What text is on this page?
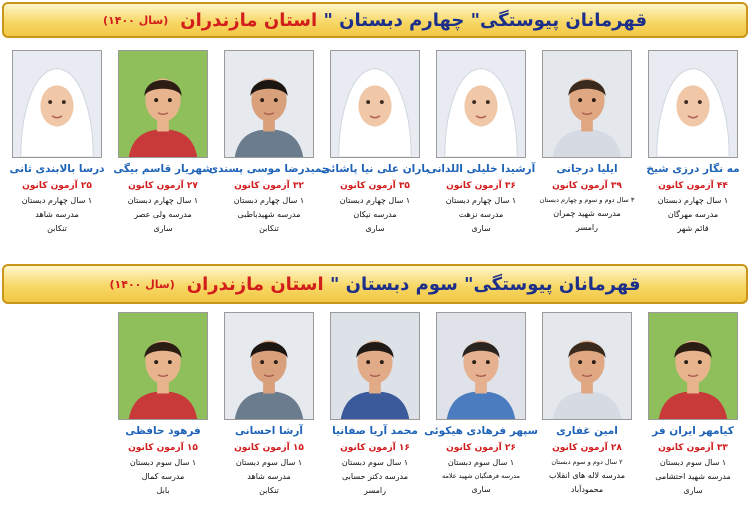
قهرمانان پیوستگی" چهارم دبستان " استان مازندران
(سال ۱۴۰۰)
مه نگار درزی شیخ
۴۴ آزمون کانون
۱ سال چهارم دبستان
مدرسه مهرگان
قائم شهر
ایلیا درجانی
۳۹ آزمون کانون
۳ سال دوم و سوم و چهارم دبستان
مدرسه شهید چمران
رامسر
آرشیدا خلیلی اللدانی
۳۶ آزمون کانون
۱ سال چهارم دبستان
مدرسه نزهت
ساری
باران علی نیا پاشائی
۳۵ آزمون کانون
۱ سال چهارم دبستان
مدرسه نیکان
ساری
حمیدرضا موسی پسندی
۳۲ آزمون کانون
۱ سال چهارم دبستان
مدرسه شهیدباطبی
تنکابن
شهریار قاسم بیگی
۲۷ آزمون کانون
۱ سال چهارم دبستان
مدرسه ولی عصر
ساری
درسا بالابندی ثانی
۲۵ آزمون کانون
۱ سال چهارم دبستان
مدرسه شاهد
تنکابن
قهرمانان پیوستگی" سوم دبستان " استان مازندران
(سال ۱۴۰۰)
کیامهر ایران فر
۳۳ آزمون کانون
۱ سال سوم دبستان
مدرسه شهید احتشامی
ساری
امین غفاری
۲۸ آزمون کانون
۲ سال دوم و سوم دبستان
مدرسه لاله های انقلاب
محمودآباد
سپهر فرهادی هیکوئی
۲۶ آزمون کانون
۱ سال سوم دبستان
مدرسه فرهنگیان شهید علامه
ساری
محمد آریا صفانیا
۱۶ آزمون کانون
۱ سال سوم دبستان
مدرسه دکتر حسابی
رامسر
آرشا احسانی
۱۵ آزمون کانون
۱ سال سوم دبستان
مدرسه شاهد
تنکابن
فرهود حافظی
۱۵ آزمون کانون
۱ سال سوم دبستان
مدرسه کمال
بابل
